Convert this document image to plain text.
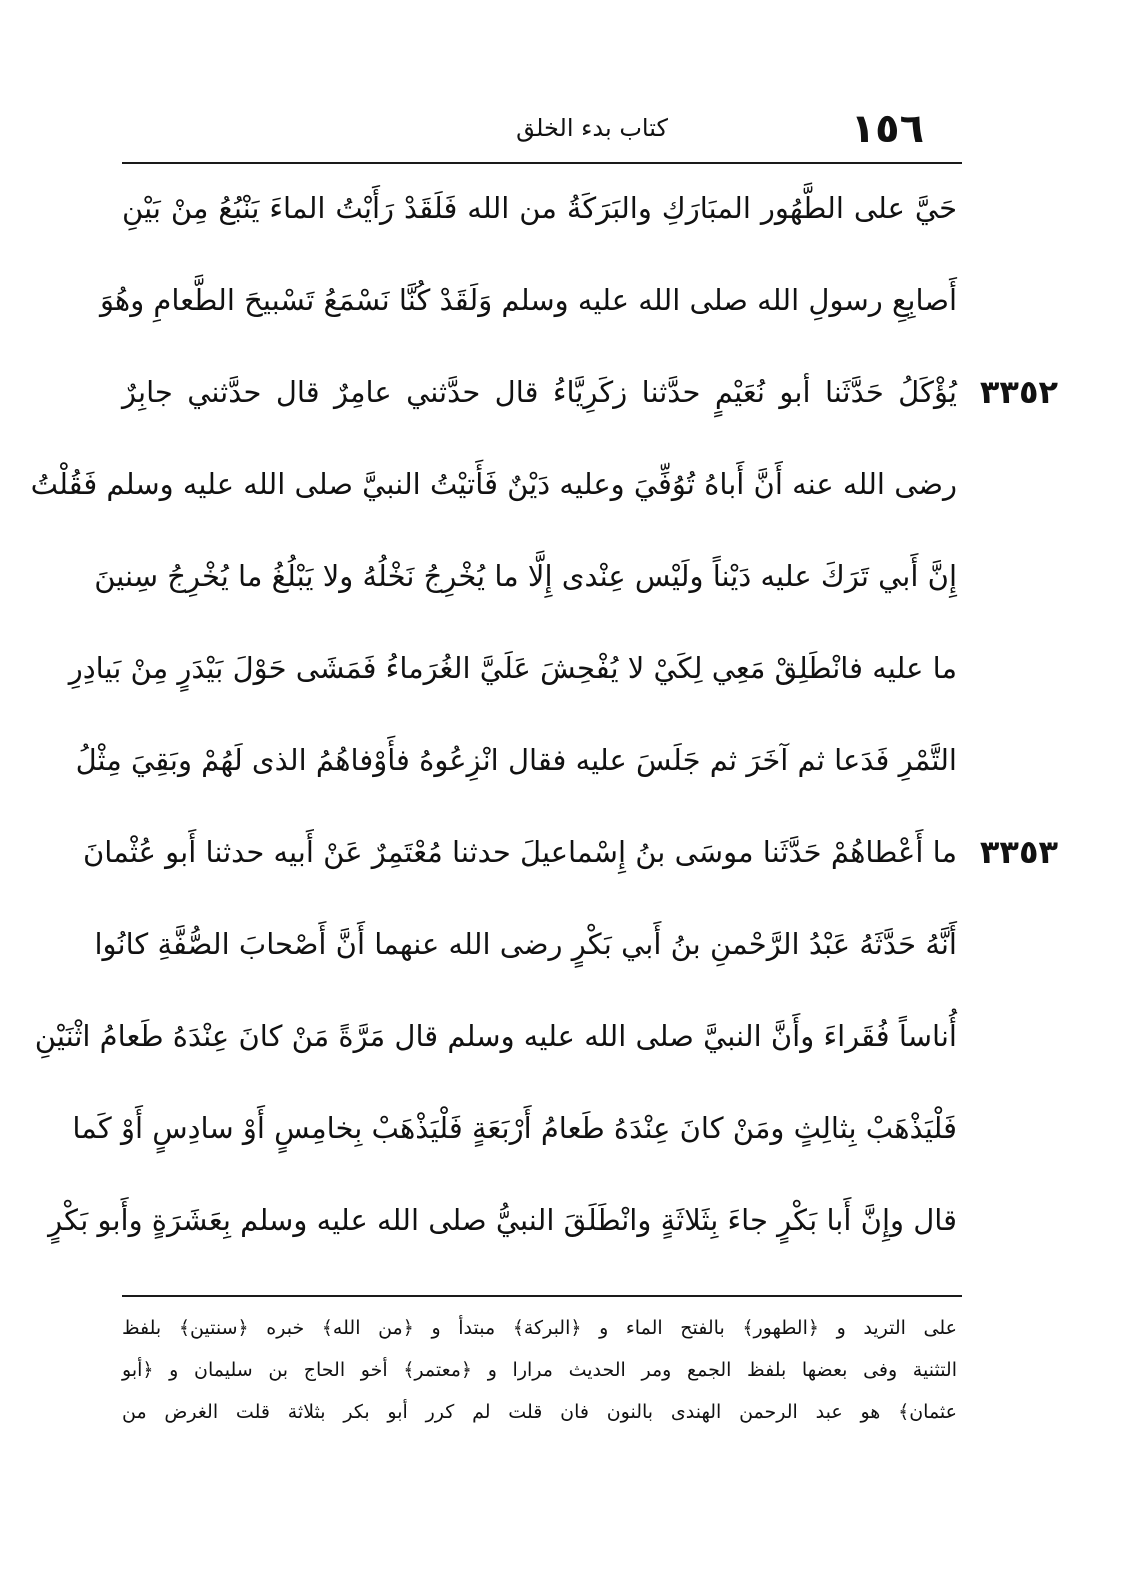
١٥٦
كتاب بدء الخلق
حَيَّ على الطَّهُور المبَارَكِ والبَرَكَةُ من الله فَلَقَدْ رَأَيْتُ الماءَ يَنْبُعُ مِنْ بَيْنِ
أَصابِعِ رسولِ الله صلى الله عليه وسلم وَلَقَدْ كُنَّا نَسْمَعُ تَسْبيحَ الطَّعامِ وهُوَ
يُؤْكَلُ حَدَّثَنا أبو نُعَيْمٍ حدَّثنا زكَرِيَّاءُ قال حدَّثني عامِرٌ قال حدَّثني جابِرٌ
رضى الله عنه أَنَّ أَباهُ تُوُفِّيَ وعليه دَيْنٌ فَأَتيْتُ النبيَّ صلى الله عليه وسلم فَقُلْتُ
إِنَّ أَبي تَرَكَ عليه دَيْناً ولَيْس عِنْدى إِلَّا ما يُخْرِجُ نَخْلُهُ ولا يَبْلُغُ ما يُخْرِجُ سِنينَ
ما عليه فانْطَلِقْ مَعِي لِكَيْ لا يُفْحِشَ عَلَيَّ الغُرَماءُ فَمَشَى حَوْلَ بَيْدَرٍ مِنْ بَيادِرِ
التَّمْرِ فَدَعا ثم آخَرَ ثم جَلَسَ عليه فقال انْزِعُوهُ فأَوْفاهُمُ الذى لَهُمْ وبَقِيَ مِثْلُ
ما أَعْطاهُمْ حَدَّثَنا موسَى بنُ إِسْماعيلَ حدثنا مُعْتَمِرٌ عَنْ أَبيه حدثنا أَبو عُثْمانَ
أَنَّهُ حَدَّثَهُ عَبْدُ الرَّحْمنِ بنُ أَبي بَكْرٍ رضى الله عنهما أَنَّ أَصْحابَ الصُّفَّةِ كانُوا
أُناساً فُقَراءَ وأَنَّ النبيَّ صلى الله عليه وسلم قال مَرَّةً مَنْ كانَ عِنْدَهُ طَعامُ اثْنَيْنِ
فَلْيَذْهَبْ بِثالِثٍ ومَنْ كانَ عِنْدَهُ طَعامُ أَرْبَعَةٍ فَلْيَذْهَبْ بِخامِسٍ أَوْ سادِسٍ أَوْ كَما
قال وإِنَّ أَبا بَكْرٍ جاءَ بِثَلاثَةٍ وانْطَلَقَ النبيُّ صلى الله عليه وسلم بِعَشَرَةٍ وأَبو بَكْرٍ
٣٣٥٢
٣٣٥٣
على التريد و ﴿الطهور﴾ بالفتح الماء و ﴿البركة﴾ مبتدأ و ﴿من الله﴾ خبره ﴿سنتين﴾ بلفظ
التثنية وفى بعضها بلفظ الجمع ومر الحديث مرارا و ﴿معتمر﴾ أخو الحاج بن سليمان و ﴿أبو
عثمان﴾ هو عبد الرحمن الهندى بالنون فان قلت لم كرر أبو بكر بثلاثة قلت الغرض من
